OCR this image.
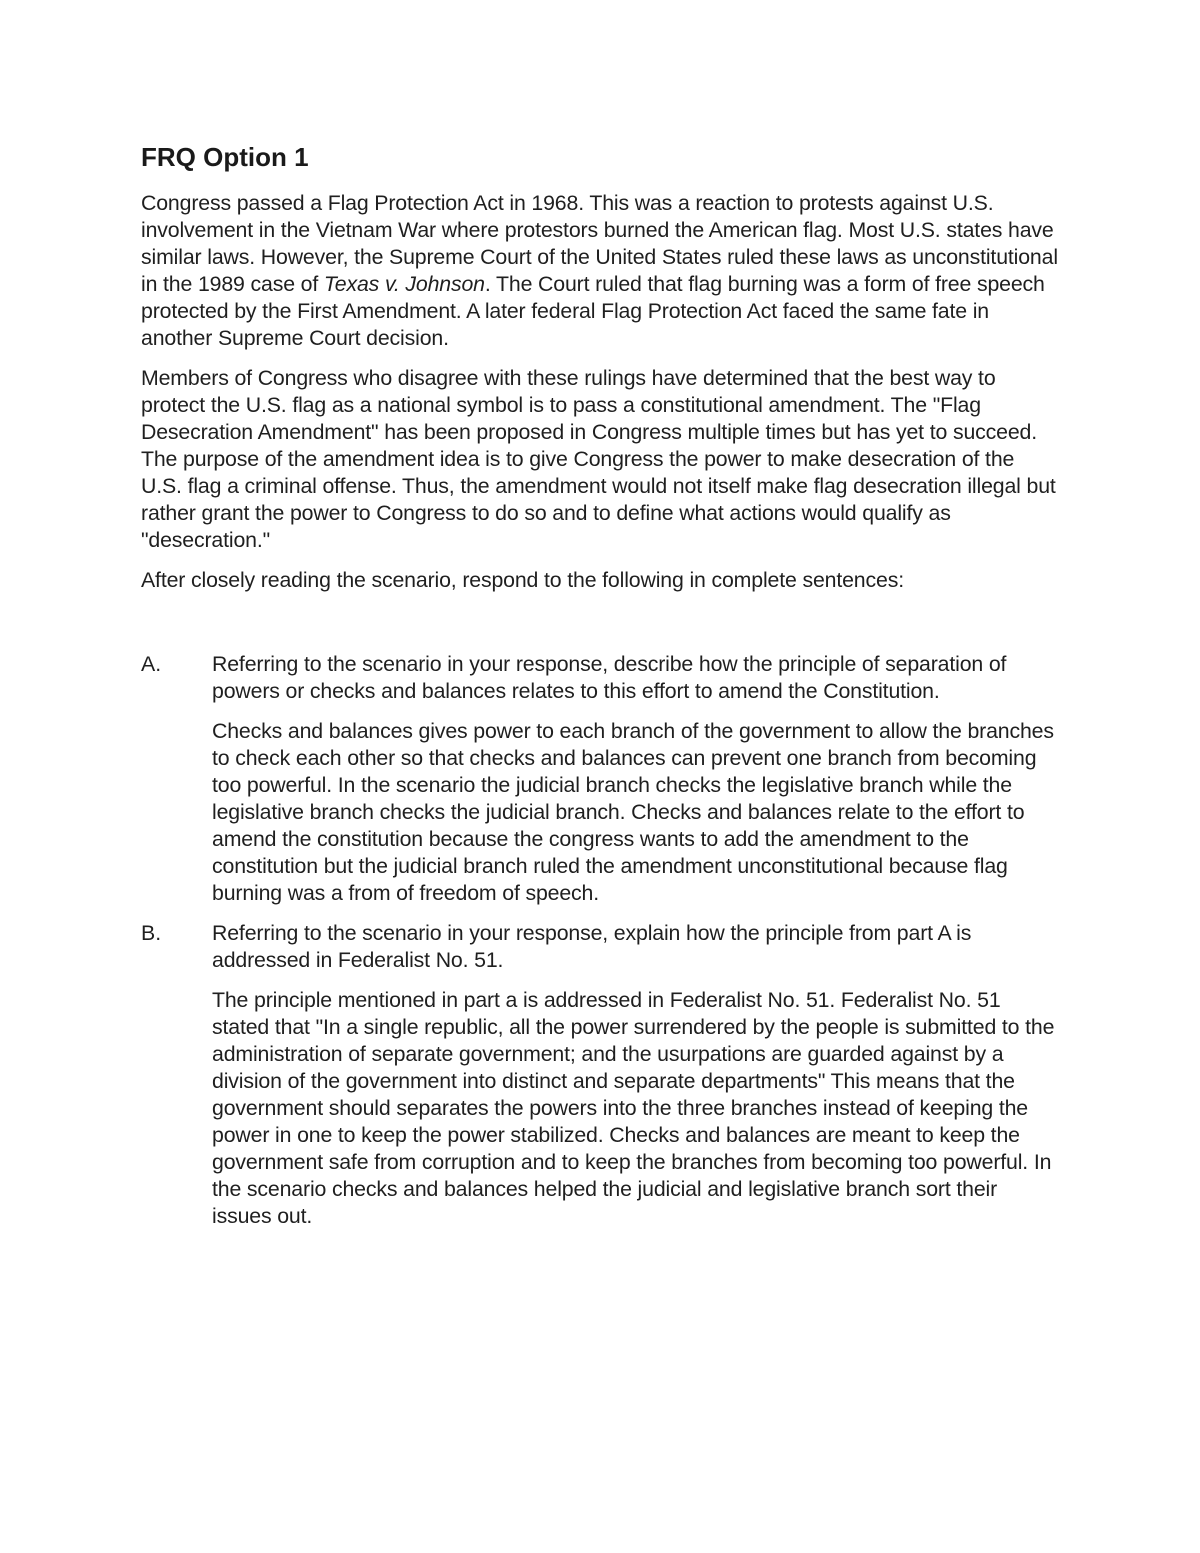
FRQ Option 1

Congress passed a Flag Protection Act in 1968. This was a reaction to protests against U.S. involvement in the Vietnam War where protestors burned the American flag. Most U.S. states have similar laws. However, the Supreme Court of the United States ruled these laws as unconstitutional in the 1989 case of Texas v. Johnson. The Court ruled that flag burning was a form of free speech protected by the First Amendment. A later federal Flag Protection Act faced the same fate in another Supreme Court decision.

Members of Congress who disagree with these rulings have determined that the best way to protect the U.S. flag as a national symbol is to pass a constitutional amendment. The "Flag Desecration Amendment" has been proposed in Congress multiple times but has yet to succeed. The purpose of the amendment idea is to give Congress the power to make desecration of the U.S. flag a criminal offense. Thus, the amendment would not itself make flag desecration illegal but rather grant the power to Congress to do so and to define what actions would qualify as "desecration."

After closely reading the scenario, respond to the following in complete sentences:

A.	Referring to the scenario in your response, describe how the principle of separation of powers or checks and balances relates to this effort to amend the Constitution.

Checks and balances gives power to each branch of the government to allow the branches to check each other so that checks and balances can prevent one branch from becoming too powerful. In the scenario the judicial branch checks the legislative branch while the legislative branch checks the judicial branch. Checks and balances relate to the effort to amend the constitution because the congress wants to add the amendment to the constitution but the judicial branch ruled the amendment unconstitutional because flag burning was a from of freedom of speech.

B.	Referring to the scenario in your response, explain how the principle from part A is addressed in Federalist No. 51.

The principle mentioned in part a is addressed in Federalist No. 51. Federalist No. 51 stated that "In a single republic, all the power surrendered by the people is submitted to the administration of separate government; and the usurpations are guarded against by a division of the government into distinct and separate departments" This means that the government should separates the powers into the three branches instead of keeping the power in one to keep the power stabilized. Checks and balances are meant to keep the government safe from corruption and to keep the branches from becoming too powerful. In the scenario checks and balances helped the judicial and legislative branch sort their issues out.
